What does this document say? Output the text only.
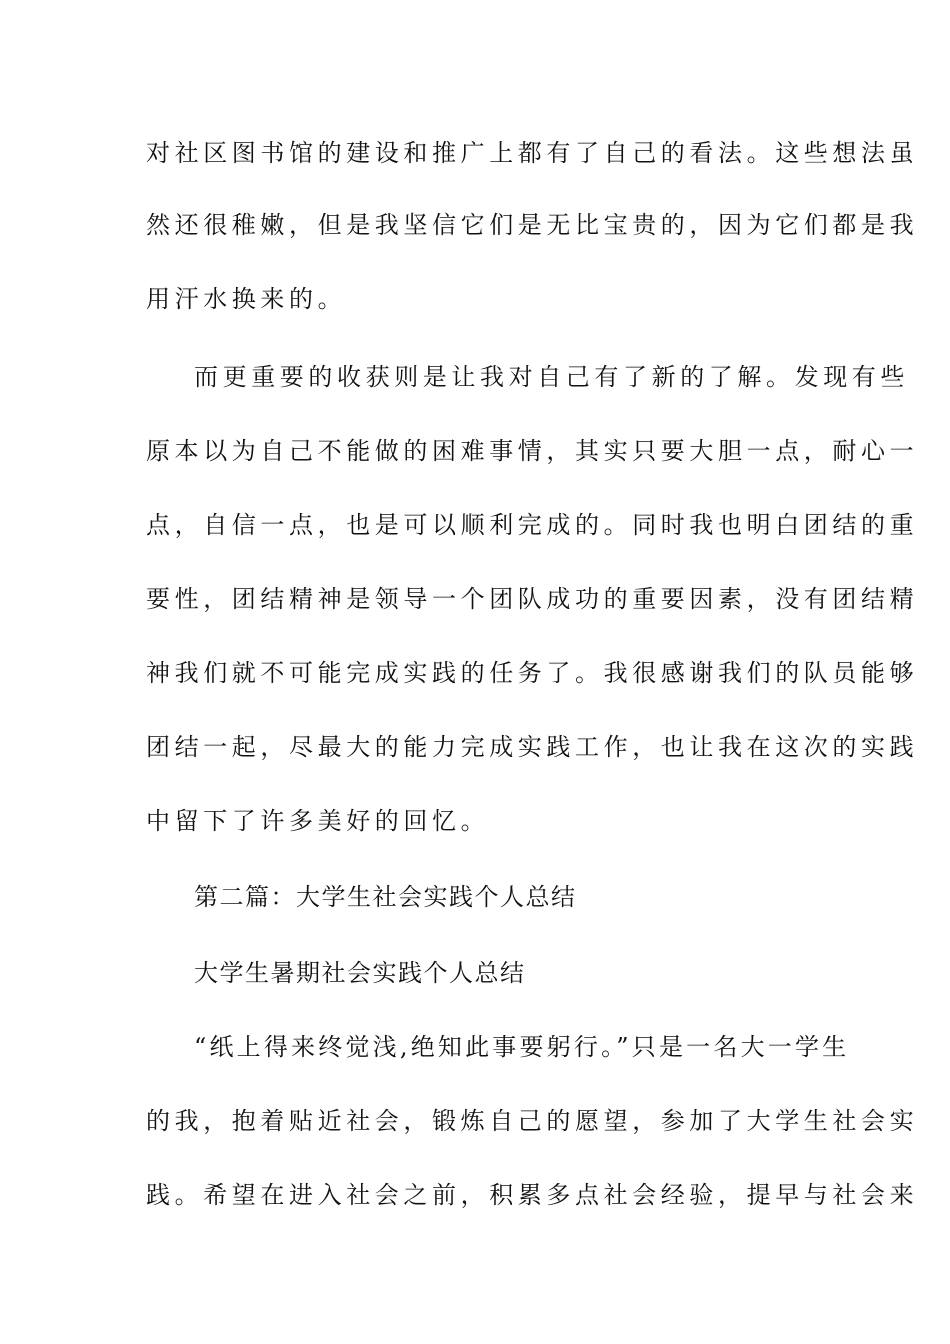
对社区图书馆的建设和推广上都有了自己的看法。这些想法虽
然还很稚嫩，但是我坚信它们是无比宝贵的，因为它们都是我
用汗水换来的。
而更重要的收获则是让我对自己有了新的了解。发现有些
原本以为自己不能做的困难事情，其实只要大胆一点，耐心一
点，自信一点，也是可以顺利完成的。同时我也明白团结的重
要性，团结精神是领导一个团队成功的重要因素，没有团结精
神我们就不可能完成实践的任务了。我很感谢我们的队员能够
团结一起，尽最大的能力完成实践工作，也让我在这次的实践
中留下了许多美好的回忆。
第二篇：大学生社会实践个人总结
大学生暑期社会实践个人总结
“纸上得来终觉浅,绝知此事要躬行。”只是一名大一学生
的我，抱着贴近社会，锻炼自己的愿望，参加了大学生社会实
践。希望在进入社会之前，积累多点社会经验，提早与社会来
